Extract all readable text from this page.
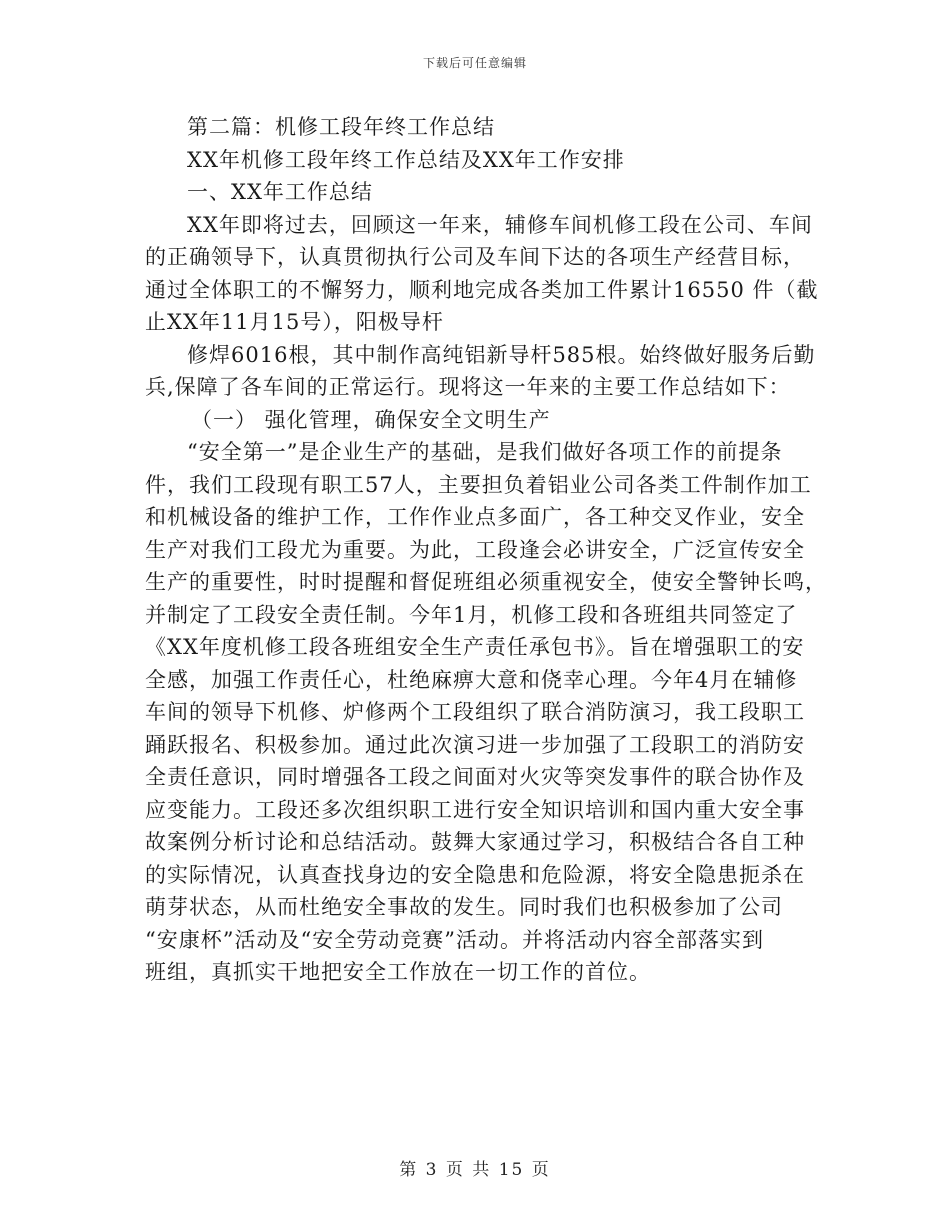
下载后可任意编辑
第二篇：机修工段年终工作总结
XX年机修工段年终工作总结及XX年工作安排
一、XX年工作总结
XX年即将过去，回顾这一年来，辅修车间机修工段在公司、车间
的正确领导下，认真贯彻执行公司及车间下达的各项生产经营目标，
通过全体职工的不懈努力，顺利地完成各类加工件累计16550 件（截
止XX年11月15号），阳极导杆
修焊6016根，其中制作高纯铝新导杆585根。始终做好服务后勤
兵,保障了各车间的正常运行。现将这一年来的主要工作总结如下：
（一） 强化管理，确保安全文明生产
“安全第一”是企业生产的基础，是我们做好各项工作的前提条
件，我们工段现有职工57人，主要担负着铝业公司各类工件制作加工
和机械设备的维护工作，工作作业点多面广，各工种交叉作业，安全
生产对我们工段尤为重要。为此，工段逢会必讲安全，广泛宣传安全
生产的重要性，时时提醒和督促班组必须重视安全，使安全警钟长鸣，
并制定了工段安全责任制。今年1月，机修工段和各班组共同签定了
《XX年度机修工段各班组安全生产责任承包书》。旨在增强职工的安
全感，加强工作责任心，杜绝麻痹大意和侥幸心理。今年4月在辅修
车间的领导下机修、炉修两个工段组织了联合消防演习，我工段职工
踊跃报名、积极参加。通过此次演习进一步加强了工段职工的消防安
全责任意识，同时增强各工段之间面对火灾等突发事件的联合协作及
应变能力。工段还多次组织职工进行安全知识培训和国内重大安全事
故案例分析讨论和总结活动。鼓舞大家通过学习，积极结合各自工种
的实际情况，认真查找身边的安全隐患和危险源，将安全隐患扼杀在
萌芽状态，从而杜绝安全事故的发生。同时我们也积极参加了公司
“安康杯”活动及“安全劳动竞赛”活动。并将活动内容全部落实到
班组，真抓实干地把安全工作放在一切工作的首位。
第 3 页 共 15 页
